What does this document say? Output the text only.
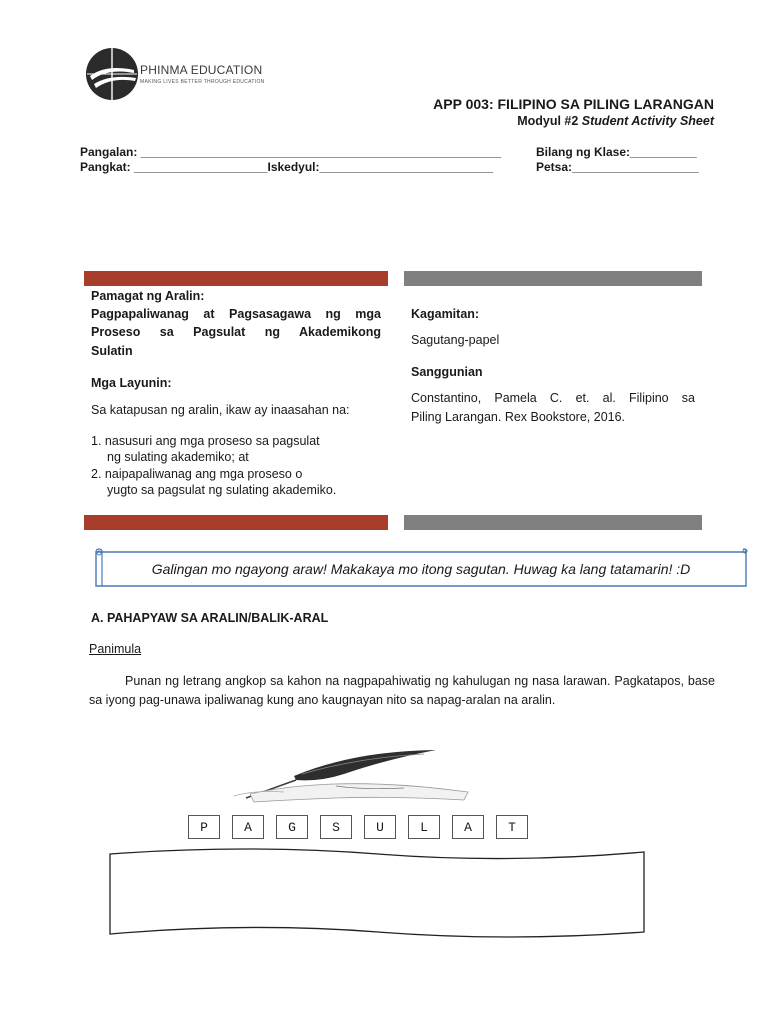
PHINMA EDUCATION
MAKING LIVES BETTER THROUGH EDUCATION
APP 003: FILIPINO SA PILING LARANGAN
Modyul #2 Student Activity Sheet
Pangalan: ______________________________________________________	Bilang ng Klase:__________
Pangkat: ____________________Iskedyul:__________________________	Petsa:___________________
Pamagat ng Aralin:
Pagpapaliwanag at Pagsasagawa ng mga
Proseso sa Pagsulat ng Akademikong
Sulatin
Mga Layunin:
Sa katapusan ng aralin, ikaw ay inaasahan na:
1. nasusuri ang mga proseso sa pagsulat
ng sulating akademiko; at
2. naipapaliwanag ang mga proseso o
yugto sa pagsulat ng sulating akademiko.
Kagamitan:
Sagutang-papel
Sanggunian
Constantino, Pamela C. et. al. Filipino sa
Piling Larangan. Rex Bookstore, 2016.
Galingan mo ngayong araw! Makakaya mo itong sagutan. Huwag ka lang tatamarin! :D
A. PAHAPYAW SA ARALIN/BALIK-ARAL
Panimula
Punan ng letrang angkop sa kahon na nagpapahiwatig ng kahulugan ng nasa larawan. Pagkatapos, base sa iyong pag-unawa ipaliwanag kung ano kaugnayan nito sa napag-aralan na aralin.
P	A	G	S	U	L	A	T
